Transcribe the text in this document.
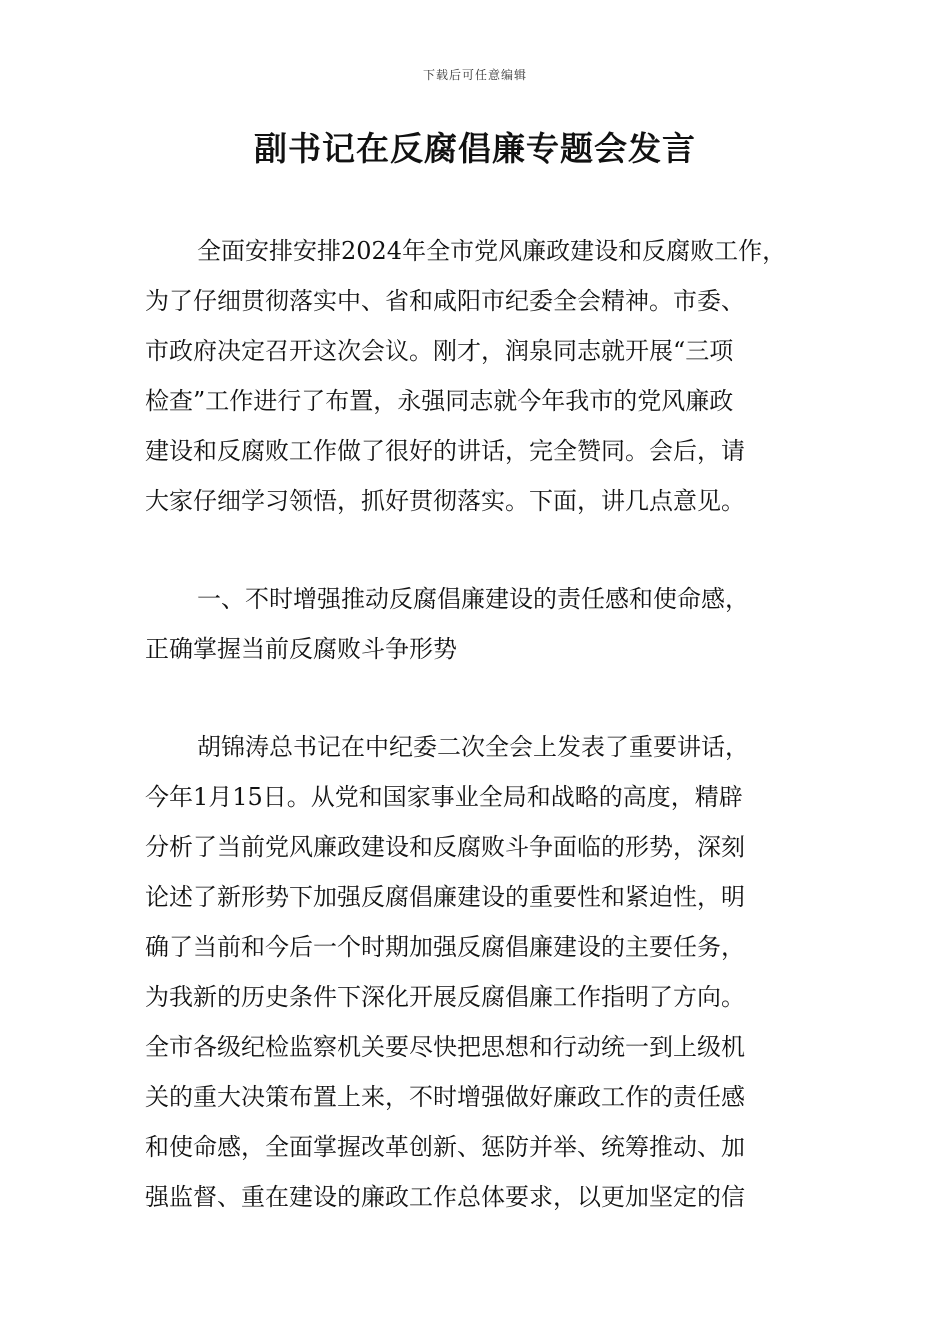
下载后可任意编辑
副书记在反腐倡廉专题会发言
全面安排安排2024年全市党风廉政建设和反腐败工作，
为了仔细贯彻落实中、省和咸阳市纪委全会精神。市委、
市政府决定召开这次会议。刚才，润泉同志就开展“三项
检查”工作进行了布置，永强同志就今年我市的党风廉政
建设和反腐败工作做了很好的讲话，完全赞同。会后，请
大家仔细学习领悟，抓好贯彻落实。下面，讲几点意见。
一、不时增强推动反腐倡廉建设的责任感和使命感，
正确掌握当前反腐败斗争形势
胡锦涛总书记在中纪委二次全会上发表了重要讲话，
今年1月15日。从党和国家事业全局和战略的高度，精辟
分析了当前党风廉政建设和反腐败斗争面临的形势，深刻
论述了新形势下加强反腐倡廉建设的重要性和紧迫性，明
确了当前和今后一个时期加强反腐倡廉建设的主要任务，
为我新的历史条件下深化开展反腐倡廉工作指明了方向。
全市各级纪检监察机关要尽快把思想和行动统一到上级机
关的重大决策布置上来，不时增强做好廉政工作的责任感
和使命感，全面掌握改革创新、惩防并举、统筹推动、加
强监督、重在建设的廉政工作总体要求，以更加坚定的信
